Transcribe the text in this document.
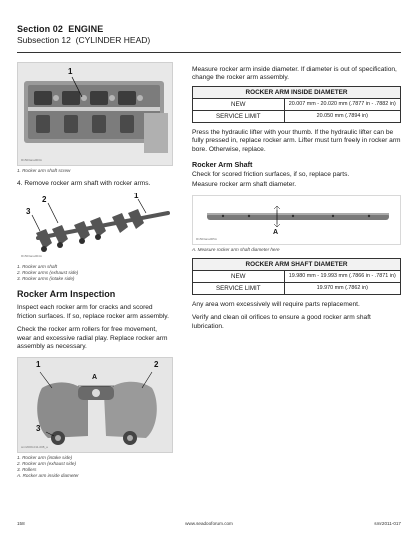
Section 02 ENGINE
Subsection 12 (CYLINDER HEAD)
1
R1503ana003A
1. Rocker arm shaft screw
4. Remove rocker arm shaft with rocker arms.
1
2
3
R1503ana004A
1. Rocker arm shaft
2. Rocker arms (exhaust side)
3. Rocker arms (intake side)
Rocker Arm Inspection
Inspect each rocker arm for cracks and scored friction surfaces. If so, replace rocker arm assembly.
Check the rocker arm rollers for free movement, wear and excessive radial play. Replace rocker arm assembly as necessary.
1	2
A
3
smr2009-011-008_a
1. Rocker arm (intake side)
2. Rocker arm (exhaust side)
3. Rollers
A. Rocker arm inside diameter
Measure rocker arm inside diameter. If diameter is out of specification, change the rocker arm assembly.
ROCKER ARM INSIDE DIAMETER	
NEW	20.007 mm - 20.020 mm (.7877 in - .7882 in)
SERVICE LIMIT	20.050 mm (.7894 in)
Press the hydraulic lifter with your thumb. If the hydraulic lifter can be fully pressed in, replace rocker arm. Lifter must turn freely in rocker arm bore. Otherwise, replace.
Rocker Arm Shaft
Check for scored friction surfaces, if so, replace parts.
Measure rocker arm shaft diameter.
A
R1503ana005A
A. Measure rocker arm shaft diameter here
ROCKER ARM SHAFT DIAMETER	
NEW	19.980 mm - 19.993 mm (.7866 in - .7871 in)
SERVICE LIMIT	19.970 mm (.7862 in)
Any area worn excessively will require parts replacement.
Verify and clean oil orifices to ensure a good rocker arm shaft lubrication.
158	www.seadooforum.com	smr2011-017
